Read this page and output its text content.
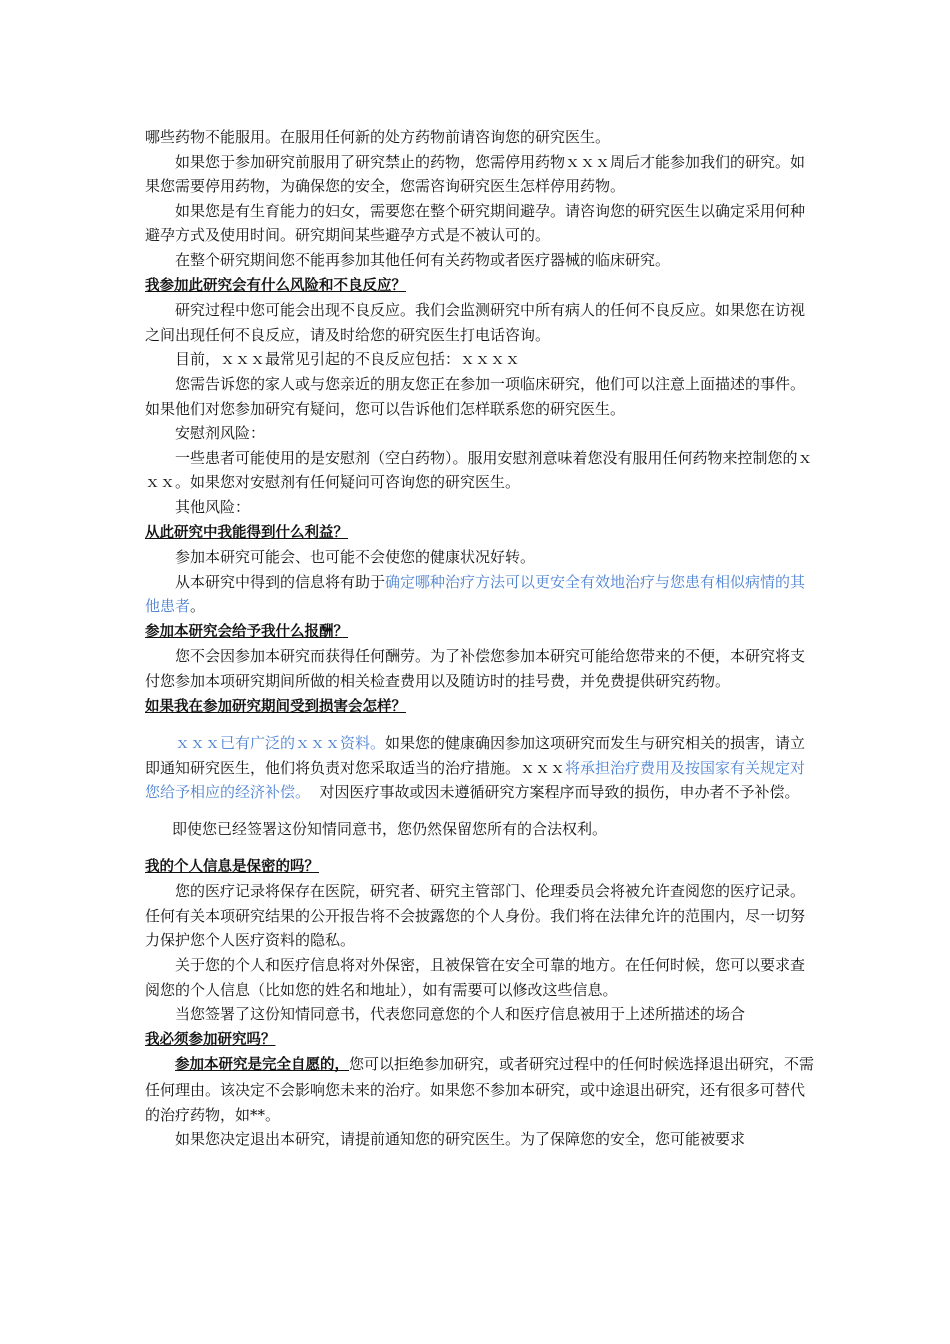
哪些药物不能服用。在服用任何新的处方药物前请咨询您的研究医生。

如果您于参加研究前服用了研究禁止的药物，您需停用药物ｘｘｘ周后才能参加我们的研究。如果您需要停用药物，为确保您的安全，您需咨询研究医生怎样停用药物。

如果您是有生育能力的妇女，需要您在整个研究期间避孕。请咨询您的研究医生以确定采用何种避孕方式及使用时间。研究期间某些避孕方式是不被认可的。

在整个研究期间您不能再参加其他任何有关药物或者医疗器械的临床研究。

我参加此研究会有什么风险和不良反应？

研究过程中您可能会出现不良反应。我们会监测研究中所有病人的任何不良反应。如果您在访视之间出现任何不良反应，请及时给您的研究医生打电话咨询。

目前，ｘｘｘ最常见引起的不良反应包括：ｘｘｘｘ

您需告诉您的家人或与您亲近的朋友您正在参加一项临床研究，他们可以注意上面描述的事件。如果他们对您参加研究有疑问，您可以告诉他们怎样联系您的研究医生。

安慰剂风险：

一些患者可能使用的是安慰剂（空白药物）。服用安慰剂意味着您没有服用任何药物来控制您的ｘｘｘ。如果您对安慰剂有任何疑问可咨询您的研究医生。

其他风险：

从此研究中我能得到什么利益？

参加本研究可能会、也可能不会使您的健康状况好转。

从本研究中得到的信息将有助于确定哪种治疗方法可以更安全有效地治疗与您患有相似病情的其他患者。

参加本研究会给予我什么报酬？

您不会因参加本研究而获得任何酬劳。为了补偿您参加本研究可能给您带来的不便，本研究将支付您参加本项研究期间所做的相关检查费用以及随访时的挂号费，并免费提供研究药物。

如果我在参加研究期间受到损害会怎样？

ｘｘｘ已有广泛的ｘｘｘ资料。如果您的健康确因参加这项研究而发生与研究相关的损害，请立即通知研究医生，他们将负责对您采取适当的治疗措施。ｘｘｘ将承担治疗费用及按国家有关规定对您给予相应的经济补偿。  对因医疗事故或因未遵循研究方案程序而导致的损伤，申办者不予补偿。

即使您已经签署这份知情同意书，您仍然保留您所有的合法权利。

我的个人信息是保密的吗？

您的医疗记录将保存在医院，研究者、研究主管部门、伦理委员会将被允许查阅您的医疗记录。任何有关本项研究结果的公开报告将不会披露您的个人身份。我们将在法律允许的范围内，尽一切努力保护您个人医疗资料的隐私。

关于您的个人和医疗信息将对外保密，且被保管在安全可靠的地方。在任何时候，您可以要求查阅您的个人信息（比如您的姓名和地址），如有需要可以修改这些信息。

当您签署了这份知情同意书，代表您同意您的个人和医疗信息被用于上述所描述的场合

我必须参加研究吗？

参加本研究是完全自愿的，您可以拒绝参加研究，或者研究过程中的任何时候选择退出研究，不需任何理由。该决定不会影响您未来的治疗。如果您不参加本研究，或中途退出研究，还有很多可替代的治疗药物，如**。

如果您决定退出本研究，请提前通知您的研究医生。为了保障您的安全，您可能被要求
